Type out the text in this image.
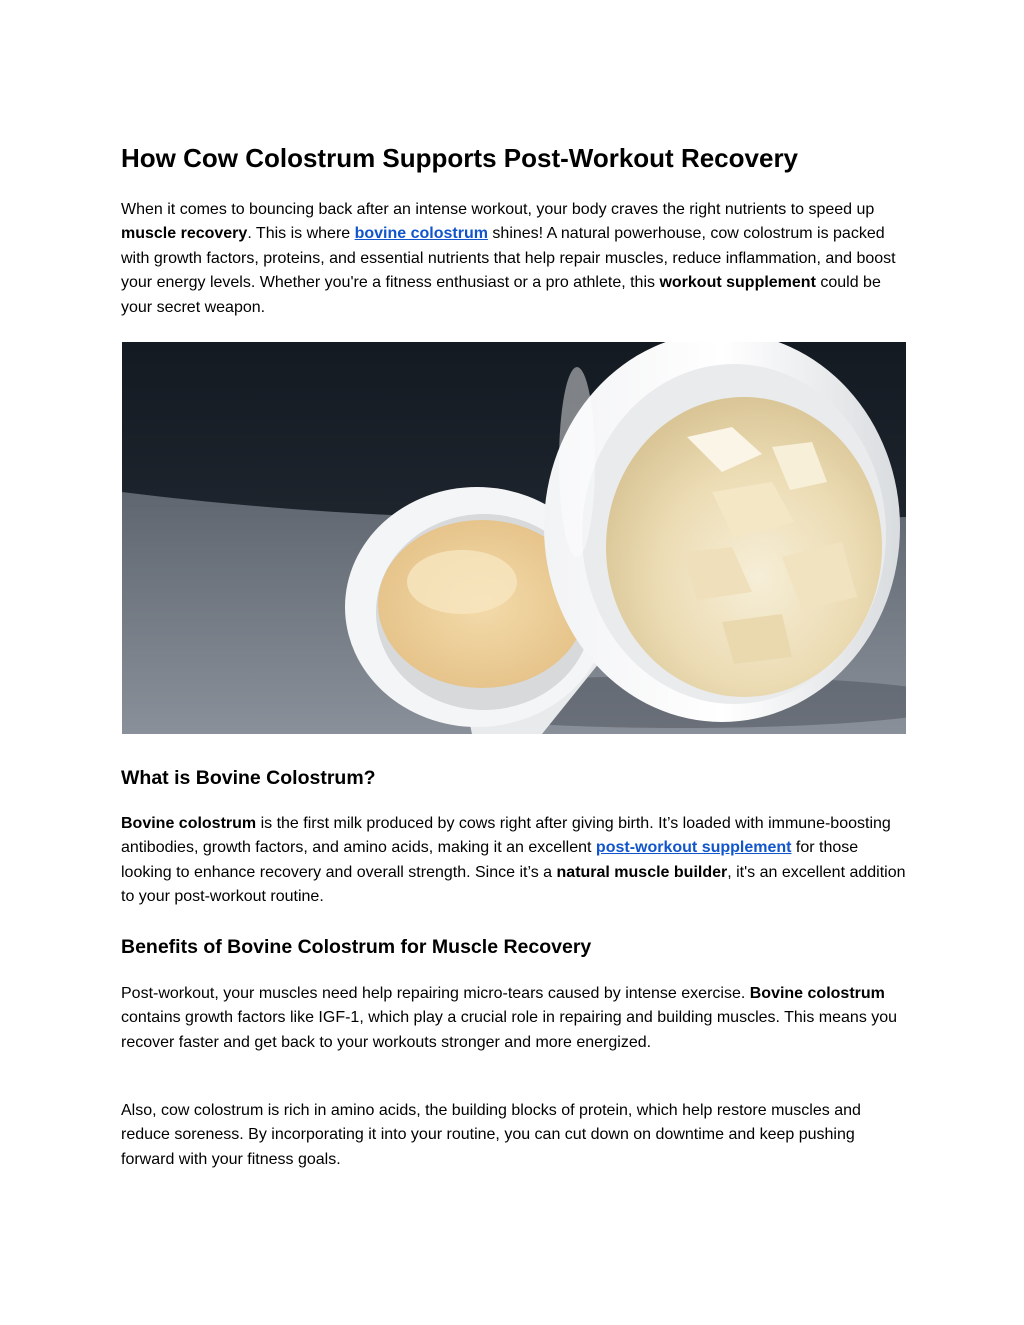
How Cow Colostrum Supports Post-Workout Recovery

When it comes to bouncing back after an intense workout, your body craves the right nutrients to speed up muscle recovery. This is where bovine colostrum shines! A natural powerhouse, cow colostrum is packed with growth factors, proteins, and essential nutrients that help repair muscles, reduce inflammation, and boost your energy levels. Whether you're a fitness enthusiast or a pro athlete, this workout supplement could be your secret weapon.

What is Bovine Colostrum?

Bovine colostrum is the first milk produced by cows right after giving birth. It’s loaded with immune-boosting antibodies, growth factors, and amino acids, making it an excellent post-workout supplement for those looking to enhance recovery and overall strength. Since it’s a natural muscle builder, it's an excellent addition to your post-workout routine.

Benefits of Bovine Colostrum for Muscle Recovery

Post-workout, your muscles need help repairing micro-tears caused by intense exercise. Bovine colostrum contains growth factors like IGF-1, which play a crucial role in repairing and building muscles. This means you recover faster and get back to your workouts stronger and more energized.

Also, cow colostrum is rich in amino acids, the building blocks of protein, which help restore muscles and reduce soreness. By incorporating it into your routine, you can cut down on downtime and keep pushing forward with your fitness goals.
